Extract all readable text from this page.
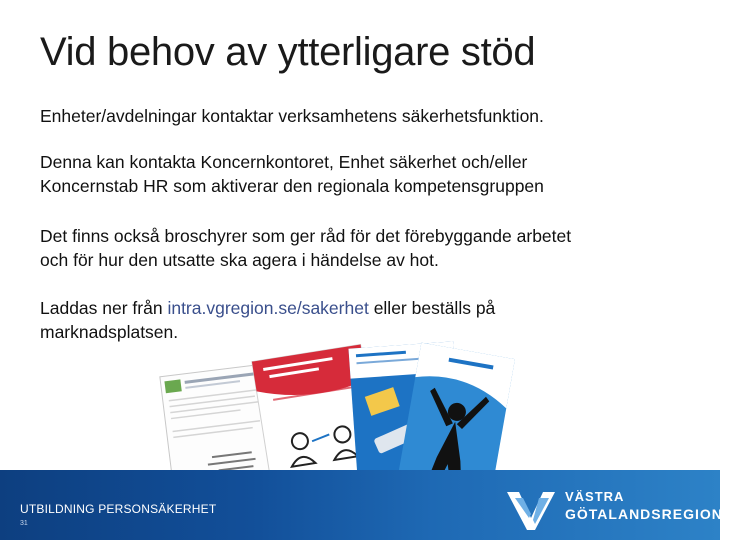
Vid behov av ytterligare stöd
Enheter/avdelningar kontaktar verksamhetens säkerhetsfunktion.
Denna kan kontakta Koncernkontoret, Enhet säkerhet och/eller
Koncernstab HR som aktiverar den regionala kompetensgruppen
Det finns också broschyrer som ger råd för det förebyggande arbetet
och för hur den utsatte ska agera i händelse av hot.
Laddas ner från intra.vgregion.se/sakerhet eller beställs på
marknadsplatsen.
UTBILDNING PERSONSÄKERHET
31
VÄSTRA
GÖTALANDSREGIONEN
